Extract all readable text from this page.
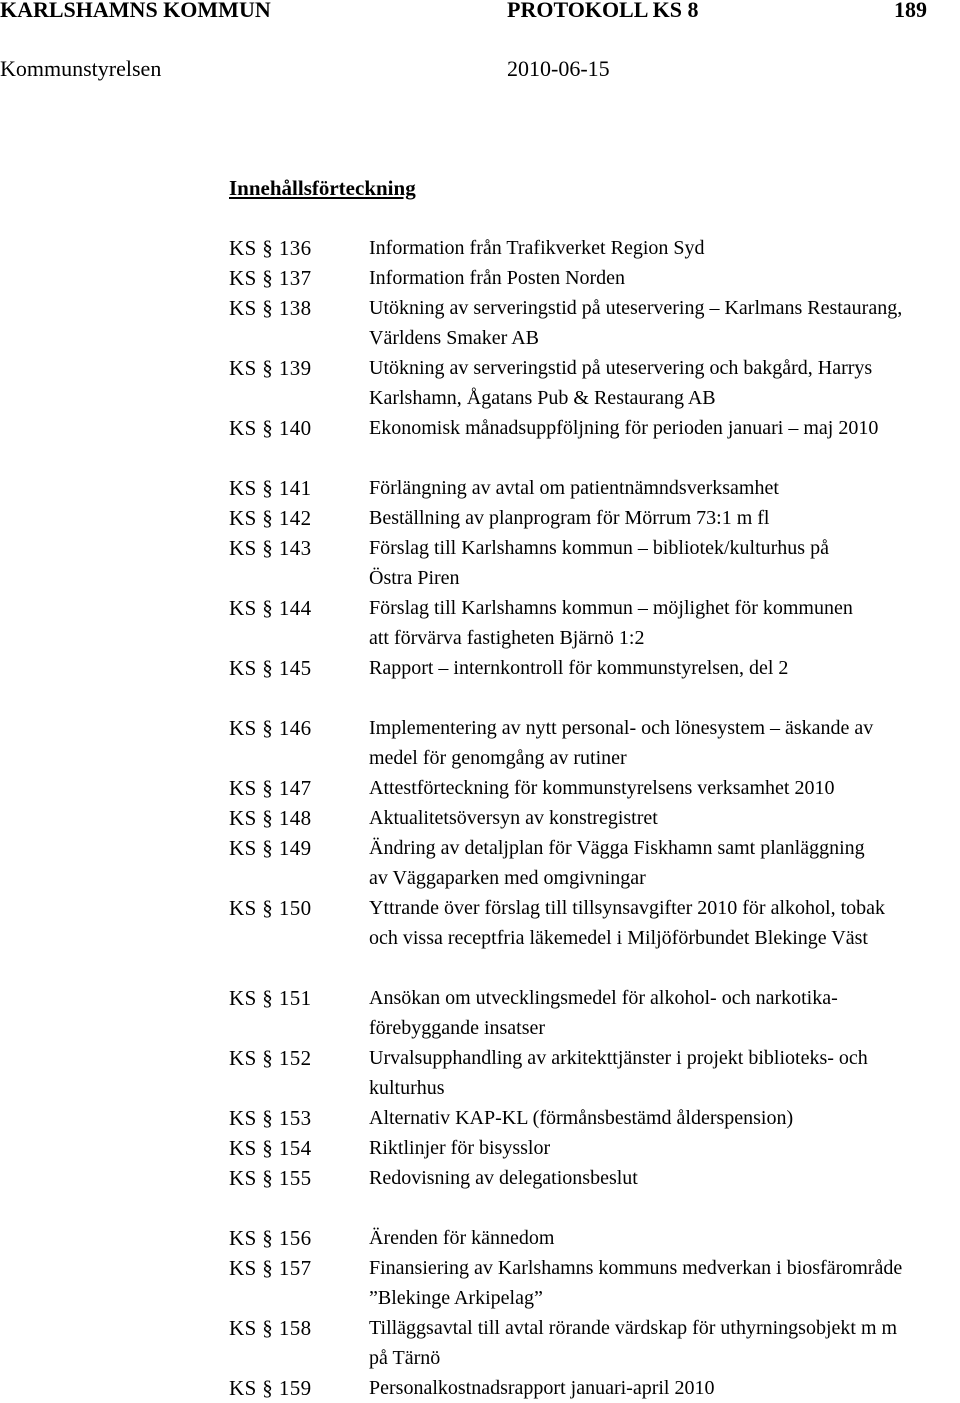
KARLSHAMNS KOMMUN	PROTOKOLL KS 8	189
Kommunstyrelsen	2010-06-15
Innehållsförteckning
KS § 136	Information från Trafikverket Region Syd
KS § 137	Information från Posten Norden
KS § 138	Utökning av serveringstid på uteservering – Karlmans Restaurang,
Världens Smaker AB
KS § 139	Utökning av serveringstid på uteservering och bakgård, Harrys
Karlshamn, Ågatans Pub & Restaurang AB
KS § 140	Ekonomisk månadsuppföljning för perioden januari – maj 2010
KS § 141	Förlängning av avtal om patientnämndsverksamhet
KS § 142	Beställning av planprogram för Mörrum 73:1 m fl
KS § 143	Förslag till Karlshamns kommun – bibliotek/kulturhus på
Östra Piren
KS § 144	Förslag till Karlshamns kommun – möjlighet för kommunen
att förvärva fastigheten Bjärnö 1:2
KS § 145	Rapport – internkontroll för kommunstyrelsen, del 2
KS § 146	Implementering av nytt personal- och lönesystem – äskande av
medel för genomgång av rutiner
KS § 147	Attestförteckning för kommunstyrelsens verksamhet 2010
KS § 148	Aktualitetsöversyn av konstregistret
KS § 149	Ändring av detaljplan för Vägga Fiskhamn samt planläggning
av Väggaparken med omgivningar
KS § 150	Yttrande över förslag till tillsynsavgifter 2010 för alkohol, tobak
och vissa receptfria läkemedel i Miljöförbundet Blekinge Väst
KS § 151	Ansökan om utvecklingsmedel för alkohol- och narkotika-
förebyggande insatser
KS § 152	Urvalsupphandling av arkitekttjänster i projekt biblioteks- och
kulturhus
KS § 153	Alternativ KAP-KL (förmånsbestämd ålderspension)
KS § 154	Riktlinjer för bisysslor
KS § 155	Redovisning av delegationsbeslut
KS § 156	Ärenden för kännedom
KS § 157	Finansiering av Karlshamns kommuns medverkan i biosfärområde
”Blekinge Arkipelag”
KS § 158	Tilläggsavtal till avtal rörande värdskap för uthyrningsobjekt m m
på Tärnö
KS § 159	Personalkostnadsrapport januari-april 2010
